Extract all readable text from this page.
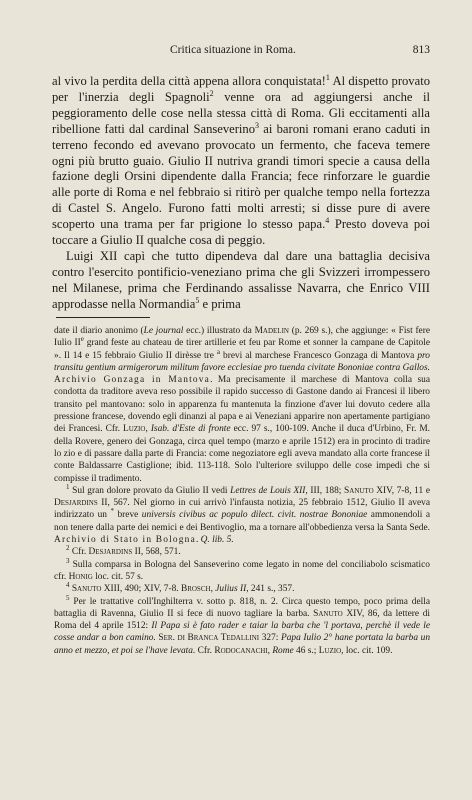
Critica situazione in Roma.	813

al vivo la perdita della città appena allora conquistata!$^1$ Al dispetto provato per l'inerzia degli Spagnoli$^2$ venne ora ad aggiungersi anche il peggioramento delle cose nella stessa città di Roma. Gli eccitamenti alla ribellione fatti dal cardinal Sanseverino$^3$ ai baroni romani erano caduti in terreno fecondo ed avevano provocato un fermento, che faceva temere ogni più brutto guaio. Giulio II nutriva grandi timori specie a causa della fazione degli Orsini dipendente dalla Francia; fece rinforzare le guardie alle porte di Roma e nel febbraio si ritirò per qualche tempo nella fortezza di Castel S. Angelo. Furono fatti molti arresti; si disse pure di avere scoperto una trama per far prigione lo stesso papa.$^4$ Presto doveva poi toccare a Giulio II qualche cosa di peggio.

Luigi XII capì che tutto dipendeva dal dare una battaglia decisiva contro l'esercito pontificio-veneziano prima che gli Svizzeri irrompessero nel Milanese, prima che Ferdinando assalisse Navarra, che Enrico VIII approdasse nella Normandia$^5$ e prima

date il diario anonimo (Le journal ecc.) illustrato da Madelin (p. 269 s.), che aggiunge: « Fist fere Iulio IIe grand feste au chateau de tirer artillerie et feu par Rome et sonner la campane de Capitole ». Il 14 e 15 febbraio Giulio II dirèsse tre $^a$ brevi al marchese Francesco Gonzaga di Mantova pro transitu gentium armigerorum militum favore ecclesiae pro tuenda civitate Bononiae contra Gallos. Archivio Gonzaga in Mantova. Ma precisamente il marchese di Mantova colla sua condotta da traditore aveva reso possibile il rapido successo di Gastone dando ai Francesi il libero transito pel mantovano: solo in apparenza fu mantenuta la finzione d'aver lui dovuto cedere alla pressione francese, dovendo egli dinanzi al papa e ai Veneziani apparire non apertamente partigiano dei Francesi. Cfr. Luzio, Isab. d'Este di fronte ecc. 97 s., 100-109. Anche il duca d'Urbino, Fr. M. della Rovere, genero dei Gonzaga, circa quel tempo (marzo e aprile 1512) era in procinto di tradire lo zio e di passare dalla parte di Francia: come negoziatore egli aveva mandato alla corte francese il conte Baldassarre Castiglione; ibid. 113-118. Solo l'ulteriore sviluppo delle cose impedì che si compisse il tradimento.

$^1$ Sul gran dolore provato da Giulio II vedi Lettres de Louis XII, III, 188; Sanuto XIV, 7-8, 11 e Desjardins II, 567. Nel giorno in cui arrivò l'infausta notizia, 25 febbraio 1512, Giulio II aveva indirizzato un * breve universis civibus ac populo dilect. civit. nostrae Bononiae ammonendoli a non tenere dalla parte dei nemici e dei Bentivoglio, ma a tornare all'obbedienza versa la Santa Sede. Archivio di Stato in Bologna. Q. lib. 5.

$^2$ Cfr. Desjardins II, 568, 571.

$^3$ Sulla comparsa in Bologna del Sanseverino come legato in nome del conciliabolo scismatico cfr. Honig loc. cit. 57 s.

$^4$ Sanuto XIII, 490; XIV, 7-8. Brosch, Julius II, 241 s., 357.

$^5$ Per le trattative coll'Inghilterra v. sotto p. 818, n. 2. Circa questo tempo, poco prima della battaglia di Ravenna, Giulio II si fece di nuovo tagliare la barba. Sanuto XIV, 86, da lettere di Roma del 4 aprile 1512: Il Papa si è fato rader e taiar la barba che 'l portava, perchè il vede le cosse andar a bon camino. Ser. di Branca Tedallini 327: Papa Iulio 2° hane portata la barba un anno et mezzo, et poi se l'have levata. Cfr. Rodocanachi, Rome 46 s.; Luzio, loc. cit. 109.
